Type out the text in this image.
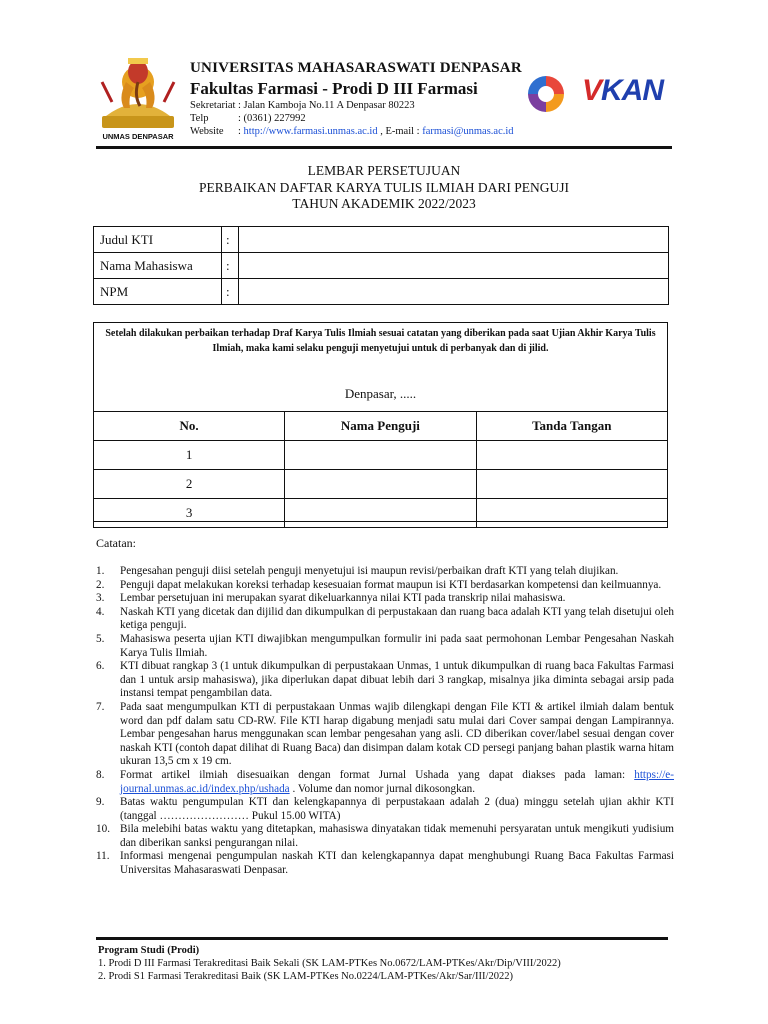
UNMAS DENPASAR
UNIVERSITAS MAHASARASWATI DENPASAR
Fakultas Farmasi - Prodi D III Farmasi
Sekretariat : Jalan Kamboja No.11 A Denpasar 80223
Telp	: (0361) 227992
Website : http://www.farmasi.unmas.ac.id , E-mail : farmasi@unmas.ac.id
VKAN
LEMBAR PERSETUJUAN
PERBAIKAN DAFTAR KARYA TULIS ILMIAH DARI PENGUJI
TAHUN AKADEMIK 2022/2023
Judul KTI	:	
Nama Mahasiswa	:	
NPM	:	
Setelah dilakukan perbaikan terhadap Draf Karya Tulis Ilmiah sesuai catatan yang diberikan pada saat Ujian Akhir Karya Tulis Ilmiah, maka kami selaku penguji menyetujui untuk di perbanyak dan di jilid.
Denpasar, .....
No.	Nama Penguji	Tanda Tangan
1		
2		
3		
Catatan:
1. Pengesahan penguji diisi setelah penguji menyetujui isi maupun revisi/perbaikan draft KTI yang telah diujikan.
2. Penguji dapat melakukan koreksi terhadap kesesuaian format maupun isi KTI berdasarkan kompetensi dan keilmuannya.
3. Lembar persetujuan ini merupakan syarat dikeluarkannya nilai KTI pada transkrip nilai mahasiswa.
4. Naskah KTI yang dicetak dan dijilid dan dikumpulkan di perpustakaan dan ruang baca adalah KTI yang telah disetujui oleh ketiga penguji.
5. Mahasiswa peserta ujian KTI diwajibkan mengumpulkan formulir ini pada saat permohonan Lembar Pengesahan Naskah Karya Tulis Ilmiah.
6. KTI dibuat rangkap 3 (1 untuk dikumpulkan di perpustakaan Unmas, 1 untuk dikumpulkan di ruang baca Fakultas Farmasi dan 1 untuk arsip mahasiswa), jika diperlukan dapat dibuat lebih dari 3 rangkap, misalnya jika diminta sebagai arsip pada instansi tempat pengambilan data.
7. Pada saat mengumpulkan KTI di perpustakaan Unmas wajib dilengkapi dengan File KTI & artikel ilmiah dalam bentuk word dan pdf dalam satu CD-RW. File KTI harap digabung menjadi satu mulai dari Cover sampai dengan Lampirannya. Lembar pengesahan harus menggunakan scan lembar pengesahan yang asli. CD diberikan cover/label sesuai dengan cover naskah KTI (contoh dapat dilihat di Ruang Baca) dan disimpan dalam kotak CD persegi panjang bahan plastik warna hitam ukuran 13,5 cm x 19 cm.
8. Format artikel ilmiah disesuaikan dengan format Jurnal Ushada yang dapat diakses pada laman: https://e-journal.unmas.ac.id/index.php/ushada . Volume dan nomor jurnal dikosongkan.
9. Batas waktu pengumpulan KTI dan kelengkapannya di perpustakaan adalah 2 (dua) minggu setelah ujian akhir KTI (tanggal …………………… Pukul 15.00 WITA)
10. Bila melebihi batas waktu yang ditetapkan, mahasiswa dinyatakan tidak memenuhi persyaratan untuk mengikuti yudisium dan diberikan sanksi pengurangan nilai.
11. Informasi mengenai pengumpulan naskah KTI dan kelengkapannya dapat menghubungi Ruang Baca Fakultas Farmasi Universitas Mahasaraswati Denpasar.
Program Studi (Prodi)
1. Prodi D III Farmasi Terakreditasi Baik Sekali (SK LAM-PTKes No.0672/LAM-PTKes/Akr/Dip/VIII/2022)
2. Prodi S1 Farmasi Terakreditasi Baik (SK LAM-PTKes No.0224/LAM-PTKes/Akr/Sar/III/2022)
